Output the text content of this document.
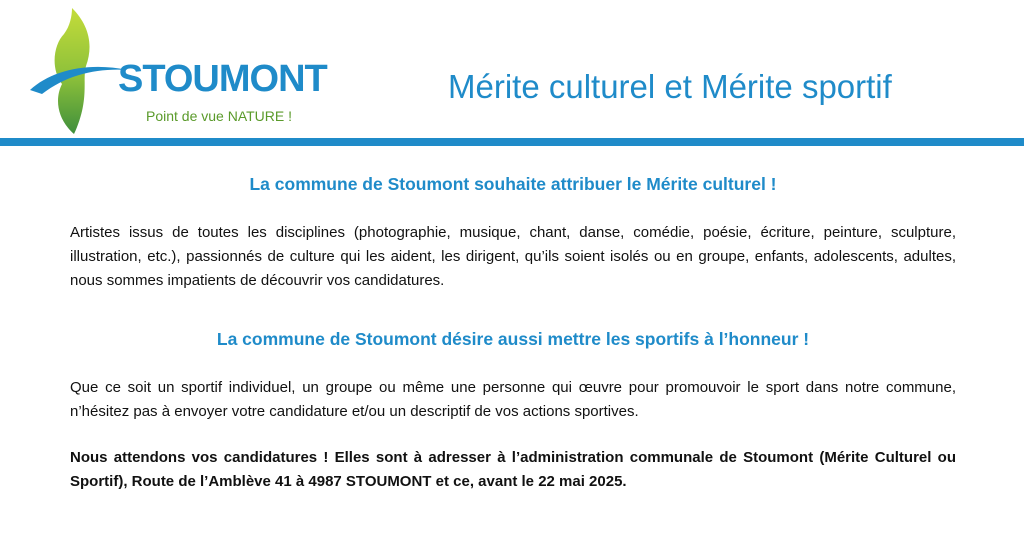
STOUMONT
Point de vue NATURE !
Mérite culturel et Mérite sportif
La commune de Stoumont souhaite attribuer le Mérite culturel !

Artistes issus de toutes les disciplines (photographie, musique, chant, danse, comédie, poésie, écriture, peinture, sculpture, illustration, etc.), passionnés de culture qui les aident, les dirigent, qu’ils soient isolés ou en groupe, enfants, adolescents, adultes, nous sommes impatients de découvrir vos candidatures.

La commune de Stoumont désire aussi mettre les sportifs à l’honneur !

Que ce soit un sportif individuel, un groupe ou même une personne qui œuvre pour promouvoir le sport dans notre commune, n’hésitez pas à envoyer votre candidature et/ou un descriptif de vos actions sportives.

Nous attendons vos candidatures ! Elles sont à adresser à l’administration communale de Stoumont (Mérite Culturel ou Sportif), Route de l’Amblève 41 à 4987 STOUMONT et ce, avant le 22 mai 2025.
